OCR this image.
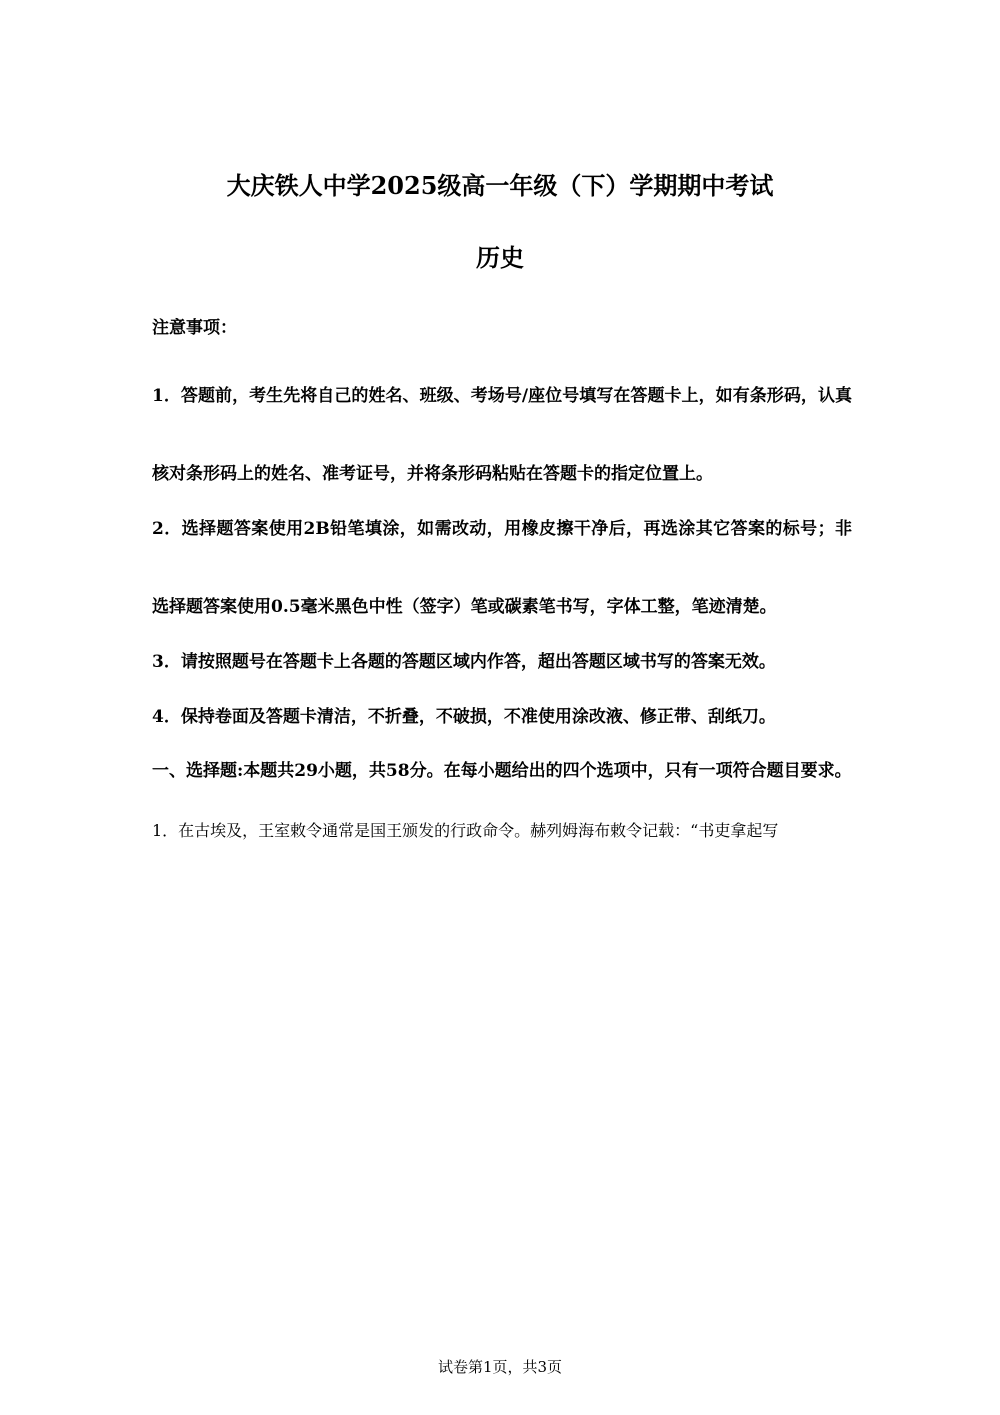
大庆铁人中学2025级高一年级（下）学期期中考试
历史
注意事项：
1．答题前，考生先将自己的姓名、班级、考场号/座位号填写在答题卡上，如有条形码，认真核对条形码上的姓名、准考证号，并将条形码粘贴在答题卡的指定位置上。
2．选择题答案使用2B铅笔填涂，如需改动，用橡皮擦干净后，再选涂其它答案的标号；非选择题答案使用0.5毫米黑色中性（签字）笔或碳素笔书写，字体工整，笔迹清楚。
3．请按照题号在答题卡上各题的答题区域内作答，超出答题区域书写的答案无效。
4．保持卷面及答题卡清洁，不折叠，不破损，不准使用涂改液、修正带、刮纸刀。
一、选择题:本题共29小题，共58分。在每小题给出的四个选项中，只有一项符合题目要求。
1．在古埃及，王室敕令通常是国王颁发的行政命令。赫列姆海布敕令记载：“书吏拿起写
试卷第1页，共3页
